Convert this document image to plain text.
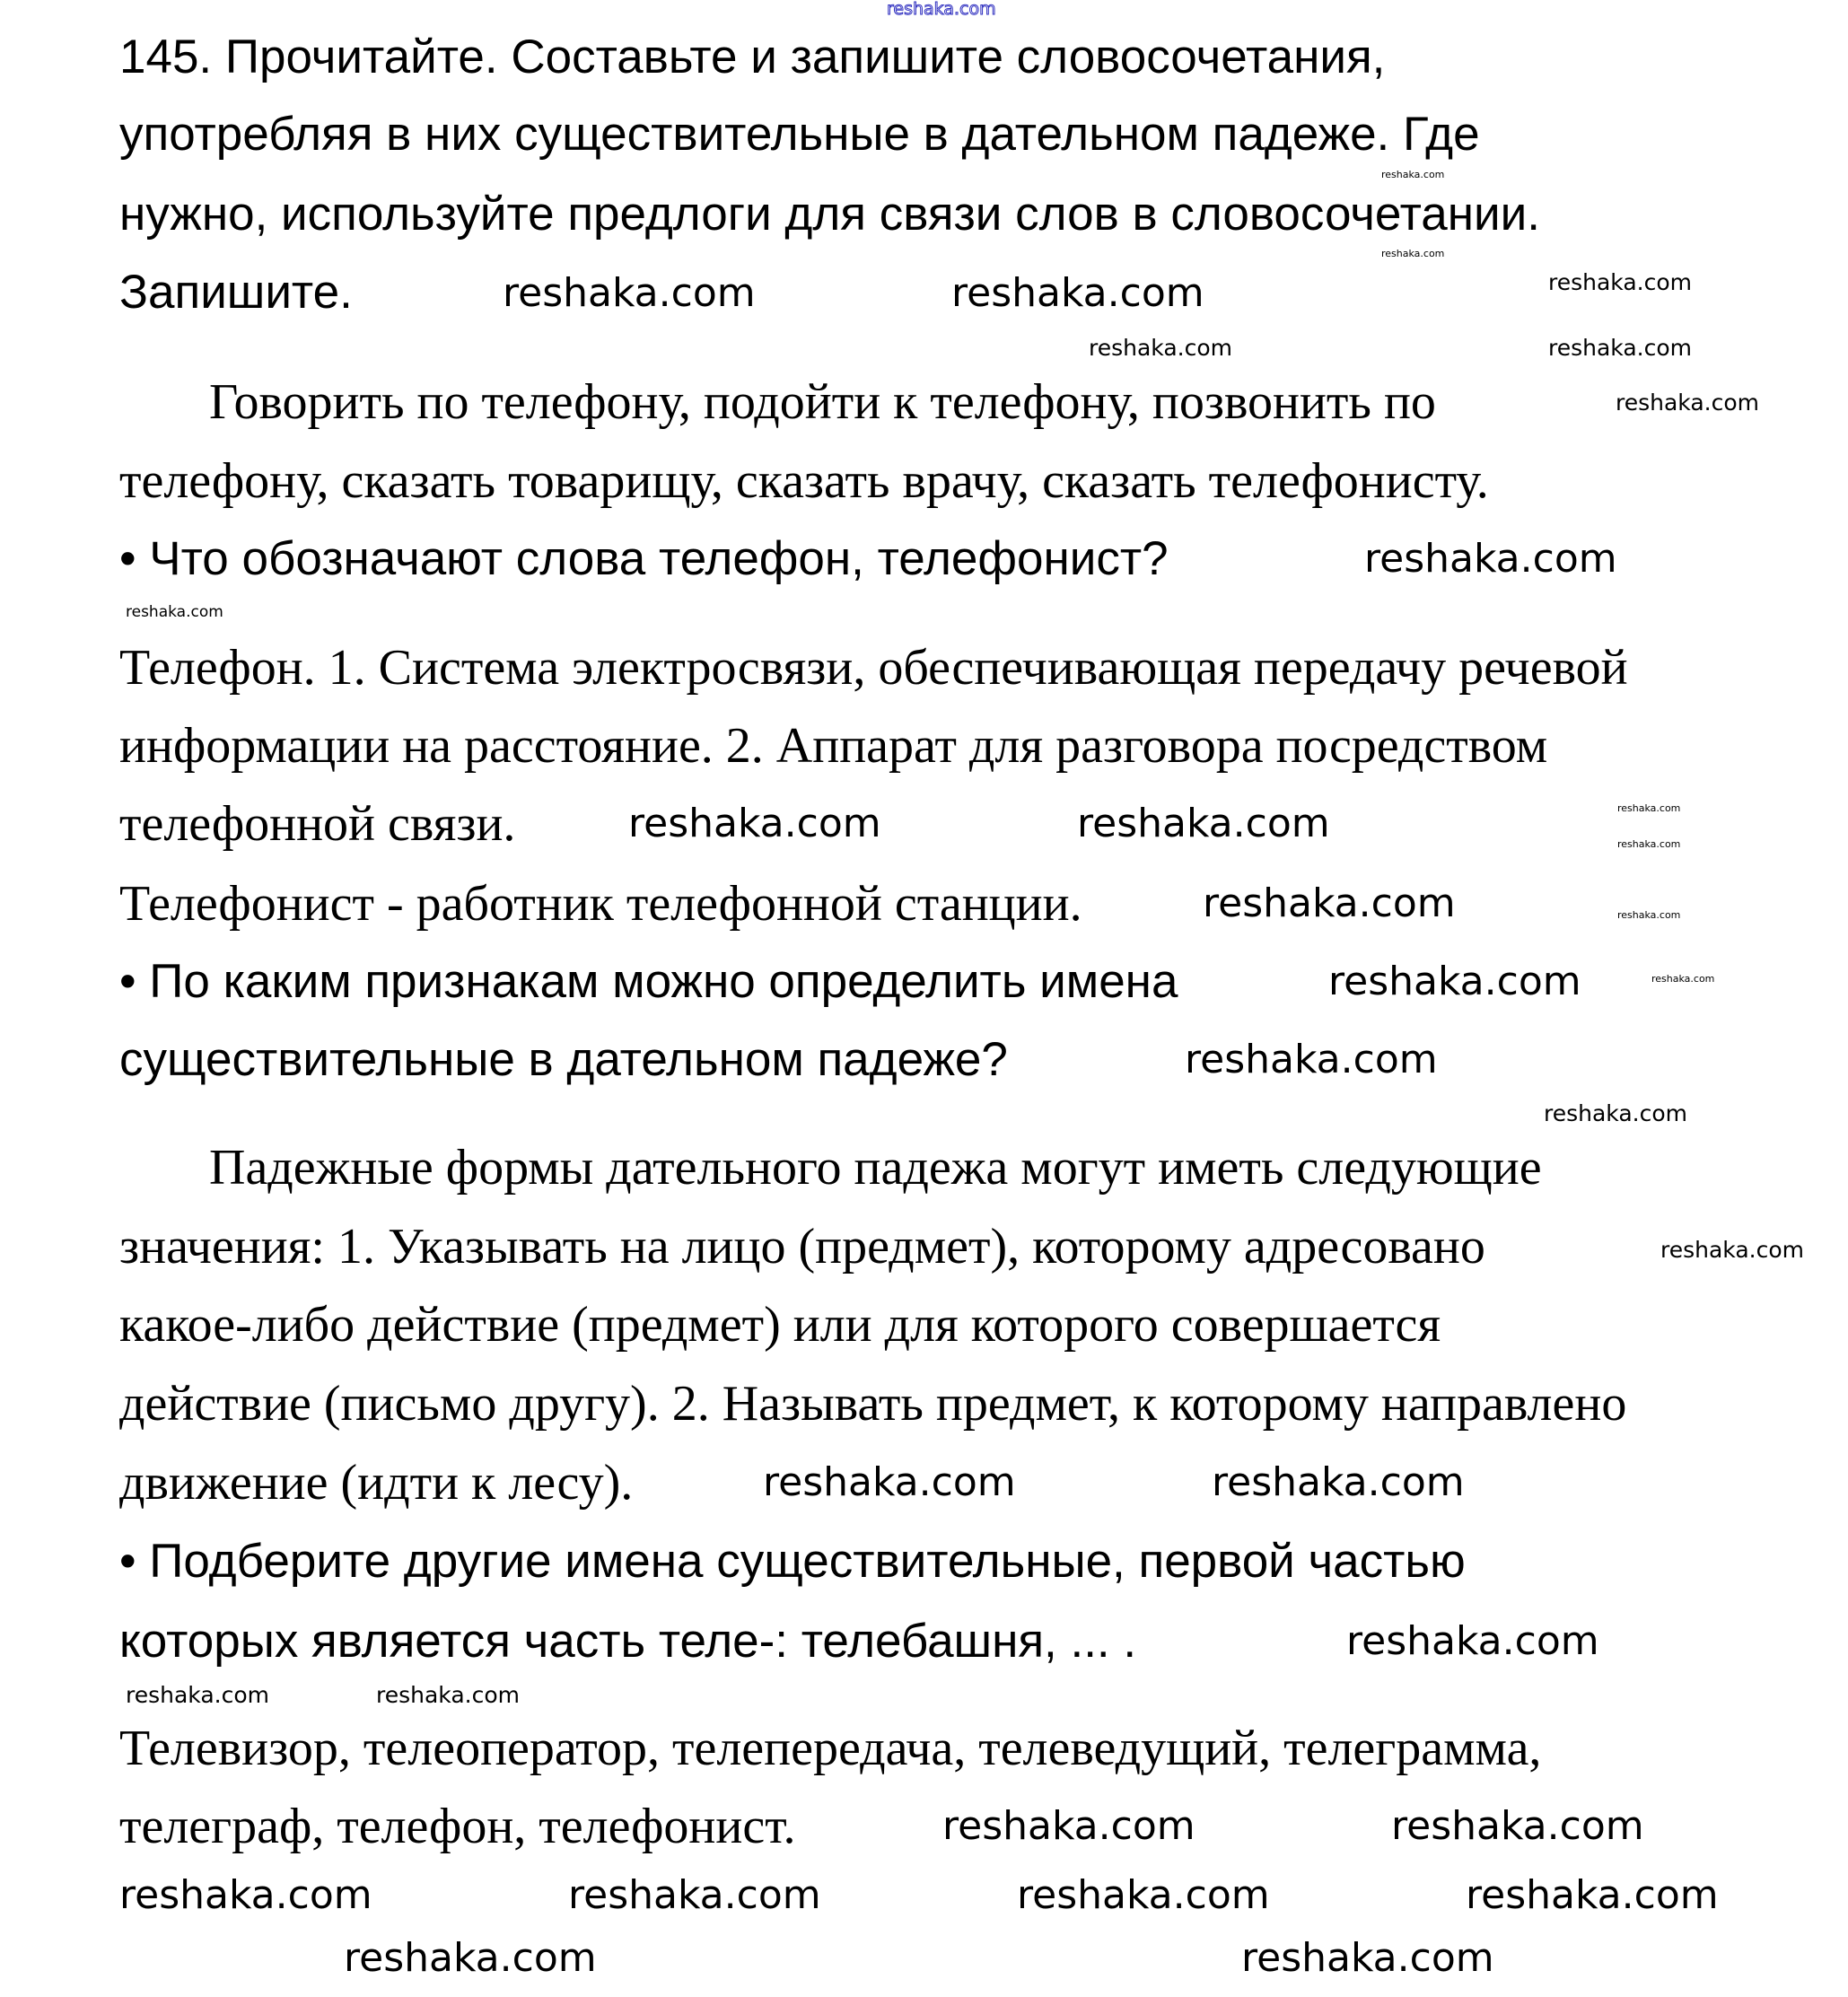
145. Прочитайте. Составьте и запишите словосочетания,
употребляя в них существительные в дательном падеже. Где
нужно, используйте предлоги для связи слов в словосочетании.
Запишите.
Говорить по телефону, подойти к телефону, позвонить по
телефону, сказать товарищу, сказать врачу, сказать телефонисту.
• Что обозначают слова телефон, телефонист?
Телефон. 1. Система электросвязи, обеспечивающая передачу речевой
информации на расстояние. 2. Аппарат для разговора посредством
телефонной связи.
Телефонист - работник телефонной станции.
• По каким признакам можно определить имена
существительные в дательном падеже?
Падежные формы дательного падежа могут иметь следующие
значения: 1. Указывать на лицо (предмет), которому адресовано
какое-либо действие (предмет) или для которого совершается
действие (письмо другу). 2. Называть предмет, к которому направлено
движение (идти к лесу).
• Подберите другие имена существительные, первой частью
которых является часть теле-: телебашня, ... .
Телевизор, телеоператор, телепередача, телеведущий, телеграмма,
телеграф, телефон, телефонист.
reshaka.com
reshaka.com	reshaka.com
reshaka.com
reshaka.com	reshaka.com
reshaka.com
reshaka.com
reshaka.com
reshaka.com	reshaka.com
reshaka.com
reshaka.com	reshaka.com
reshaka.com	reshaka.com	reshaka.com	reshaka.com
reshaka.com	reshaka.com
reshaka.com	reshaka.com
reshaka.com
reshaka.com
reshaka.com
reshaka.com
reshaka.com	reshaka.com
reshaka.com
reshaka.com
reshaka.com
reshaka.com
reshaka.com
reshaka.com
reshaka.com
